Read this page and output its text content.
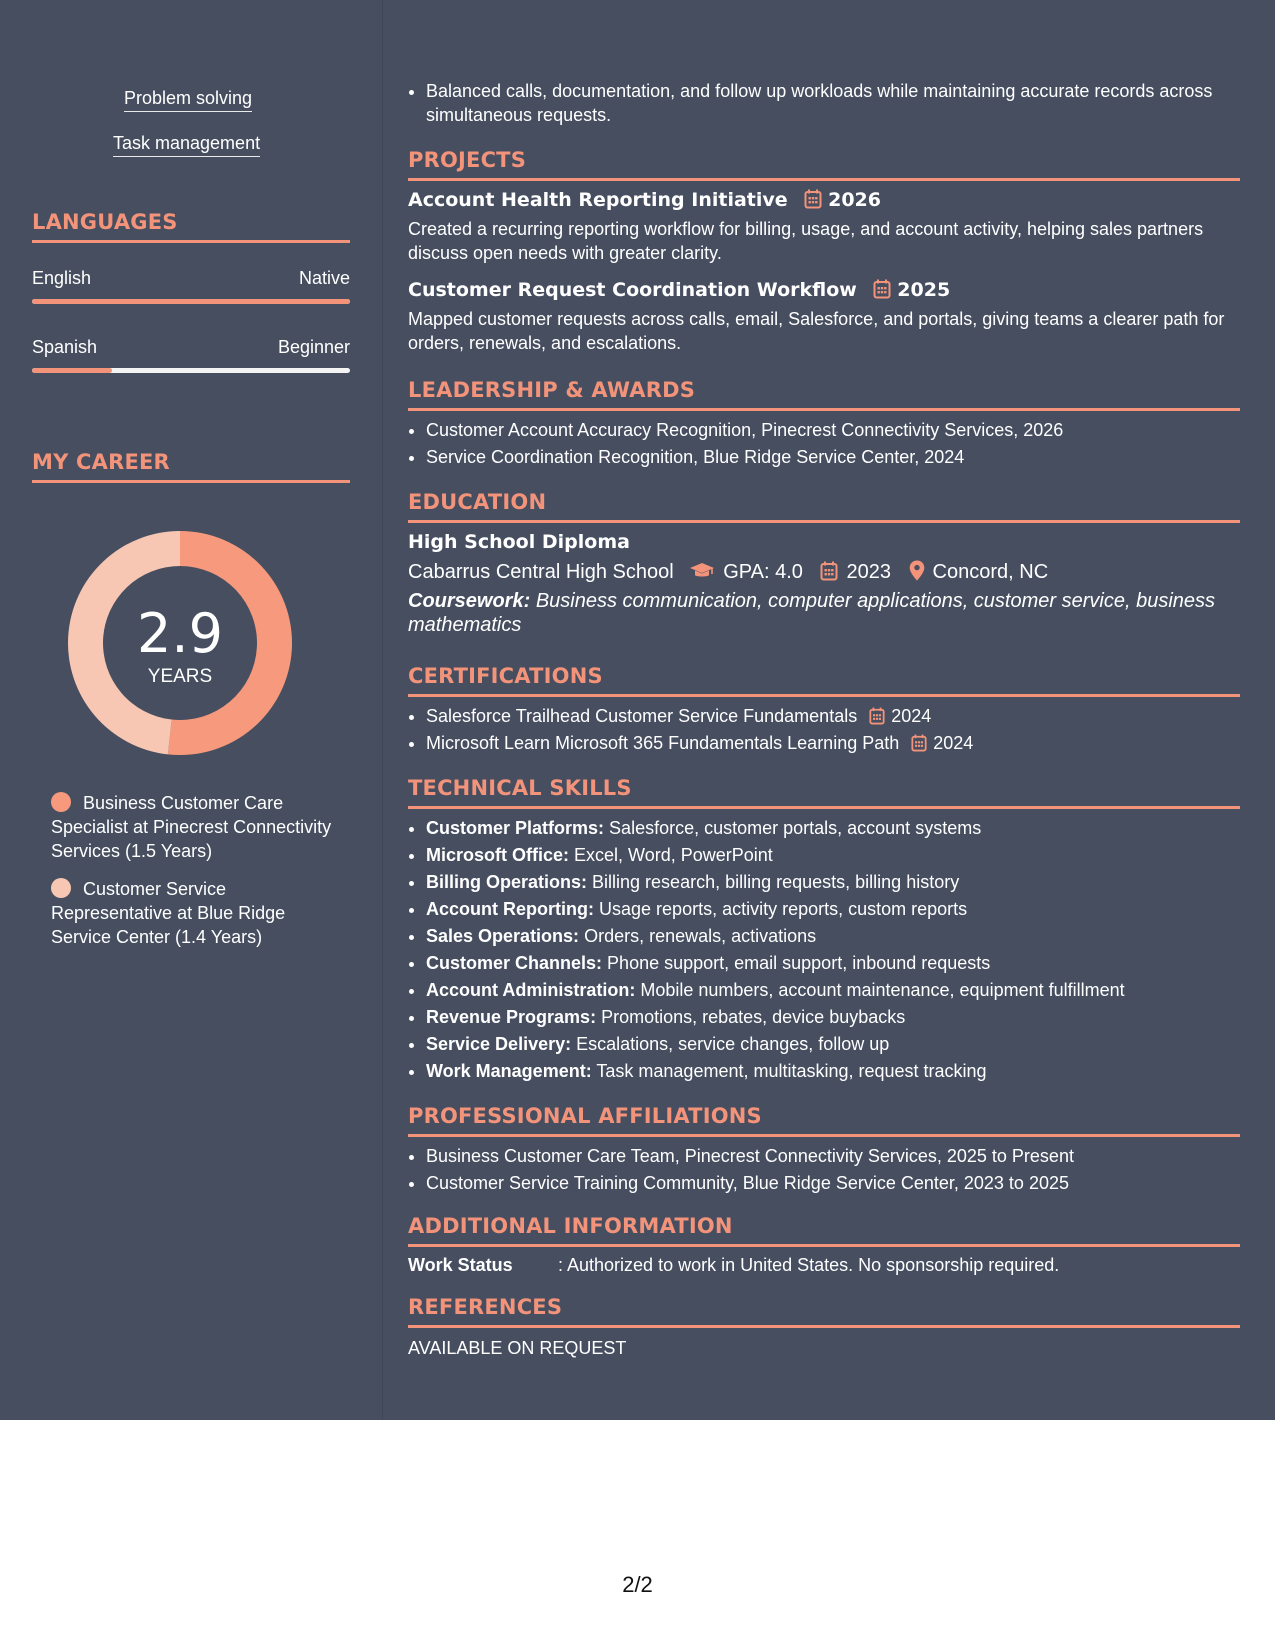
Problem solving
Task management
LANGUAGES
English	Native
Spanish	Beginner
MY CAREER
2.9
YEARS
Business Customer Care Specialist at Pinecrest Connectivity Services (1.5 Years)
Customer Service Representative at Blue Ridge Service Center (1.4 Years)
• Balanced calls, documentation, and follow up workloads while maintaining accurate records across simultaneous requests.
PROJECTS
Account Health Reporting Initiative 2026
Created a recurring reporting workflow for billing, usage, and account activity, helping sales partners discuss open needs with greater clarity.
Customer Request Coordination Workflow 2025
Mapped customer requests across calls, email, Salesforce, and portals, giving teams a clearer path for orders, renewals, and escalations.
LEADERSHIP & AWARDS
• Customer Account Accuracy Recognition, Pinecrest Connectivity Services, 2026
• Service Coordination Recognition, Blue Ridge Service Center, 2024
EDUCATION
High School Diploma
Cabarrus Central High School GPA: 4.0 2023 Concord, NC
Coursework: Business communication, computer applications, customer service, business mathematics
CERTIFICATIONS
• Salesforce Trailhead Customer Service Fundamentals 2024
• Microsoft Learn Microsoft 365 Fundamentals Learning Path 2024
TECHNICAL SKILLS
• Customer Platforms: Salesforce, customer portals, account systems
• Microsoft Office: Excel, Word, PowerPoint
• Billing Operations: Billing research, billing requests, billing history
• Account Reporting: Usage reports, activity reports, custom reports
• Sales Operations: Orders, renewals, activations
• Customer Channels: Phone support, email support, inbound requests
• Account Administration: Mobile numbers, account maintenance, equipment fulfillment
• Revenue Programs: Promotions, rebates, device buybacks
• Service Delivery: Escalations, service changes, follow up
• Work Management: Task management, multitasking, request tracking
PROFESSIONAL AFFILIATIONS
• Business Customer Care Team, Pinecrest Connectivity Services, 2025 to Present
• Customer Service Training Community, Blue Ridge Service Center, 2023 to 2025
ADDITIONAL INFORMATION
Work Status	: Authorized to work in United States. No sponsorship required.
REFERENCES
AVAILABLE ON REQUEST
2/2
